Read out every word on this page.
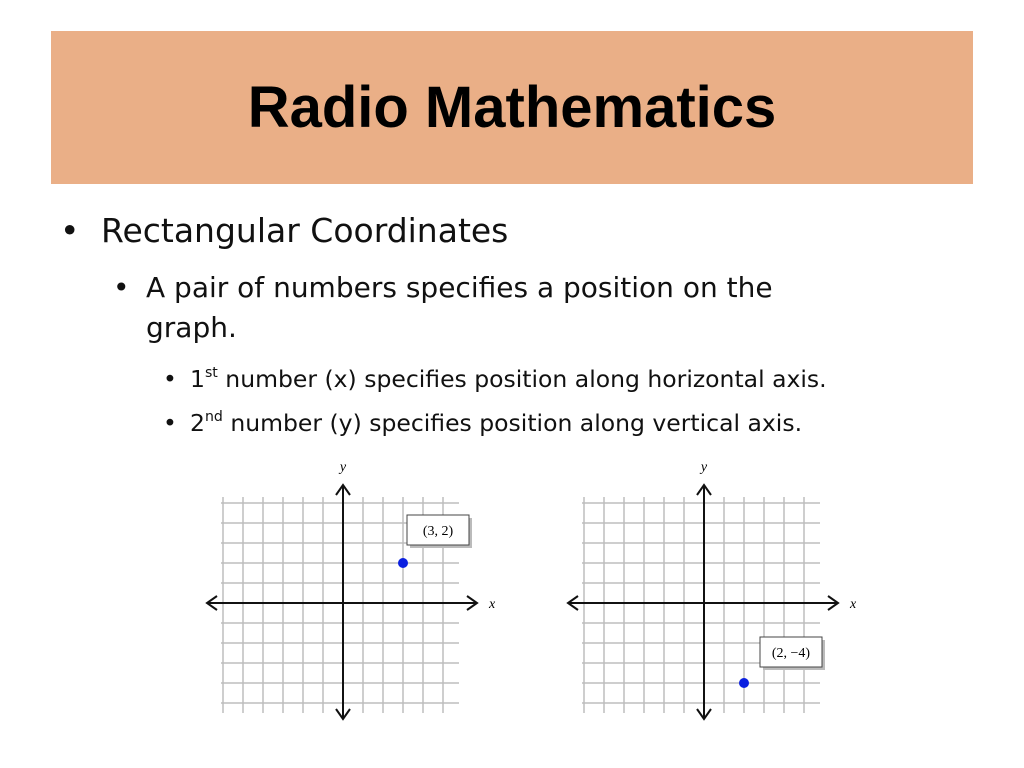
Radio Mathematics
• Rectangular Coordinates
• A pair of numbers specifies a position on the graph.
• 1st number (x) specifies position along horizontal axis.
• 2nd number (y) specifies position along vertical axis.
y
x
(3, 2)
y
x
(2, −4)
